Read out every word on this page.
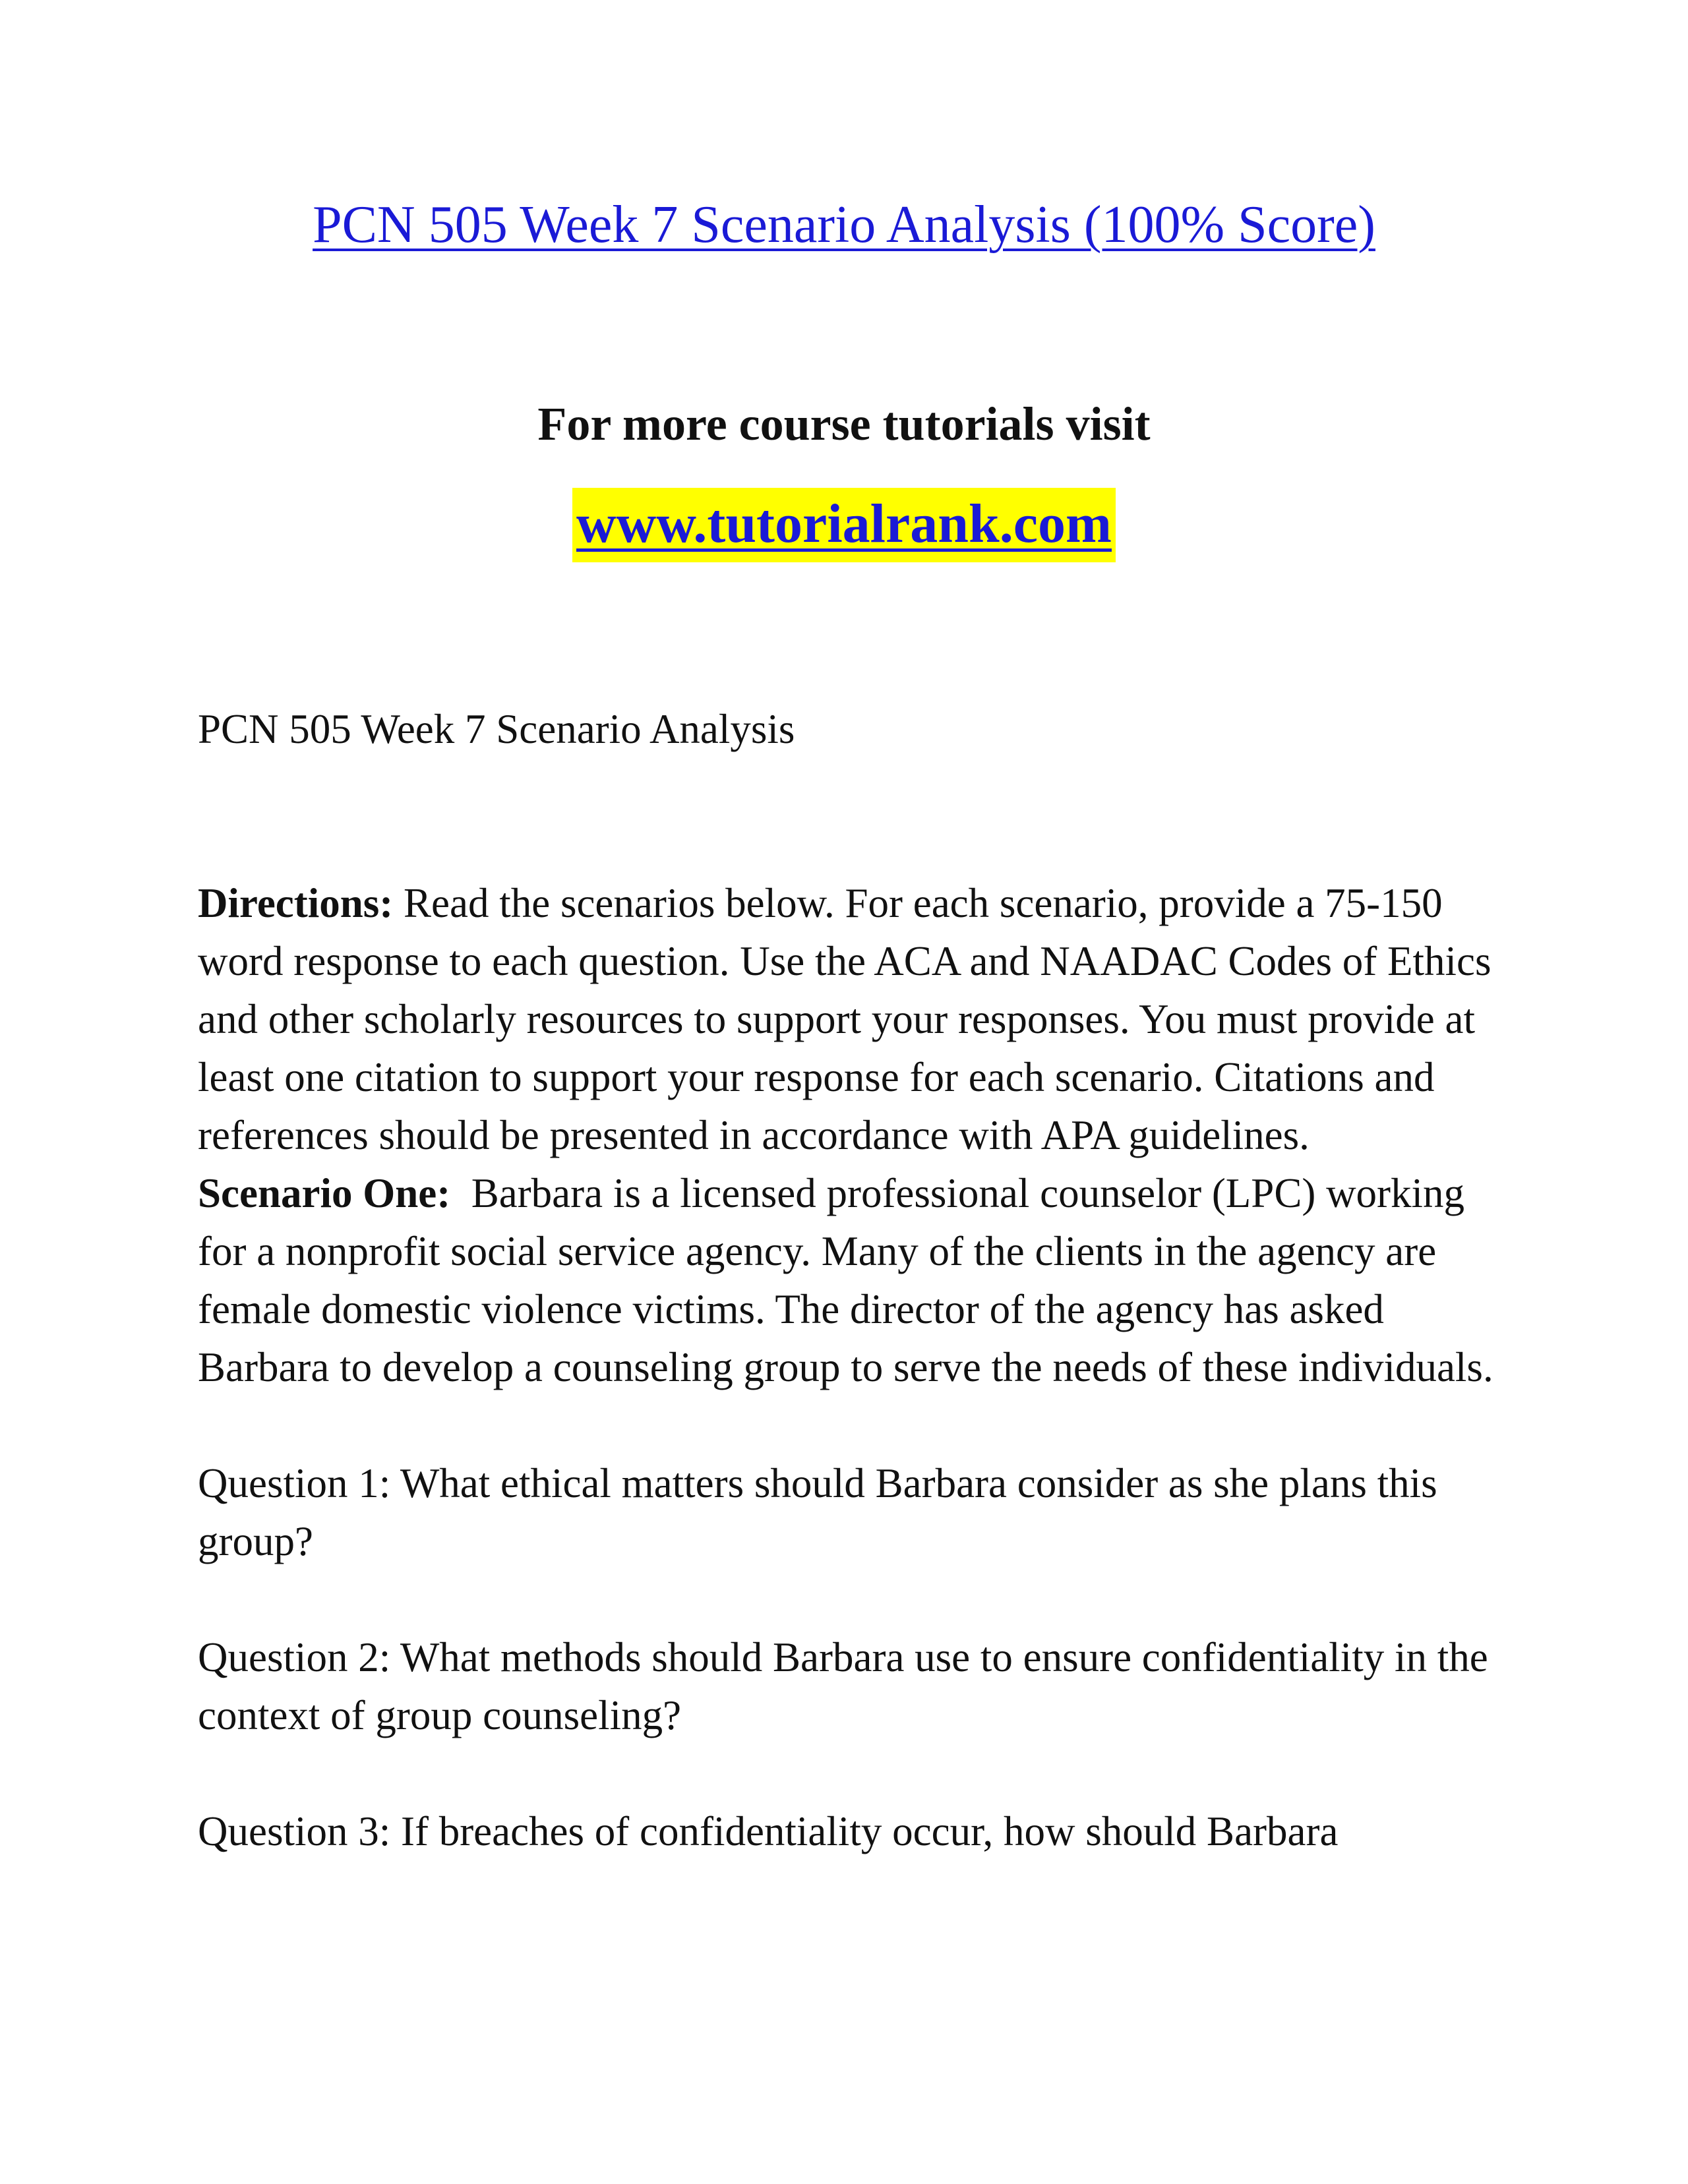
PCN 505 Week 7 Scenario Analysis (100% Score)
For more course tutorials visit
www.tutorialrank.com

PCN 505 Week 7 Scenario Analysis

Directions: Read the scenarios below. For each scenario, provide a 75-150 word response to each question. Use the ACA and NAADAC Codes of Ethics and other scholarly resources to support your responses. You must provide at least one citation to support your response for each scenario. Citations and references should be presented in accordance with APA guidelines.

Scenario One:  Barbara is a licensed professional counselor (LPC) working for a nonprofit social service agency. Many of the clients in the agency are female domestic violence victims. The director of the agency has asked Barbara to develop a counseling group to serve the needs of these individuals.

Question 1: What ethical matters should Barbara consider as she plans this group?

Question 2: What methods should Barbara use to ensure confidentiality in the context of group counseling?

Question 3: If breaches of confidentiality occur, how should Barbara
